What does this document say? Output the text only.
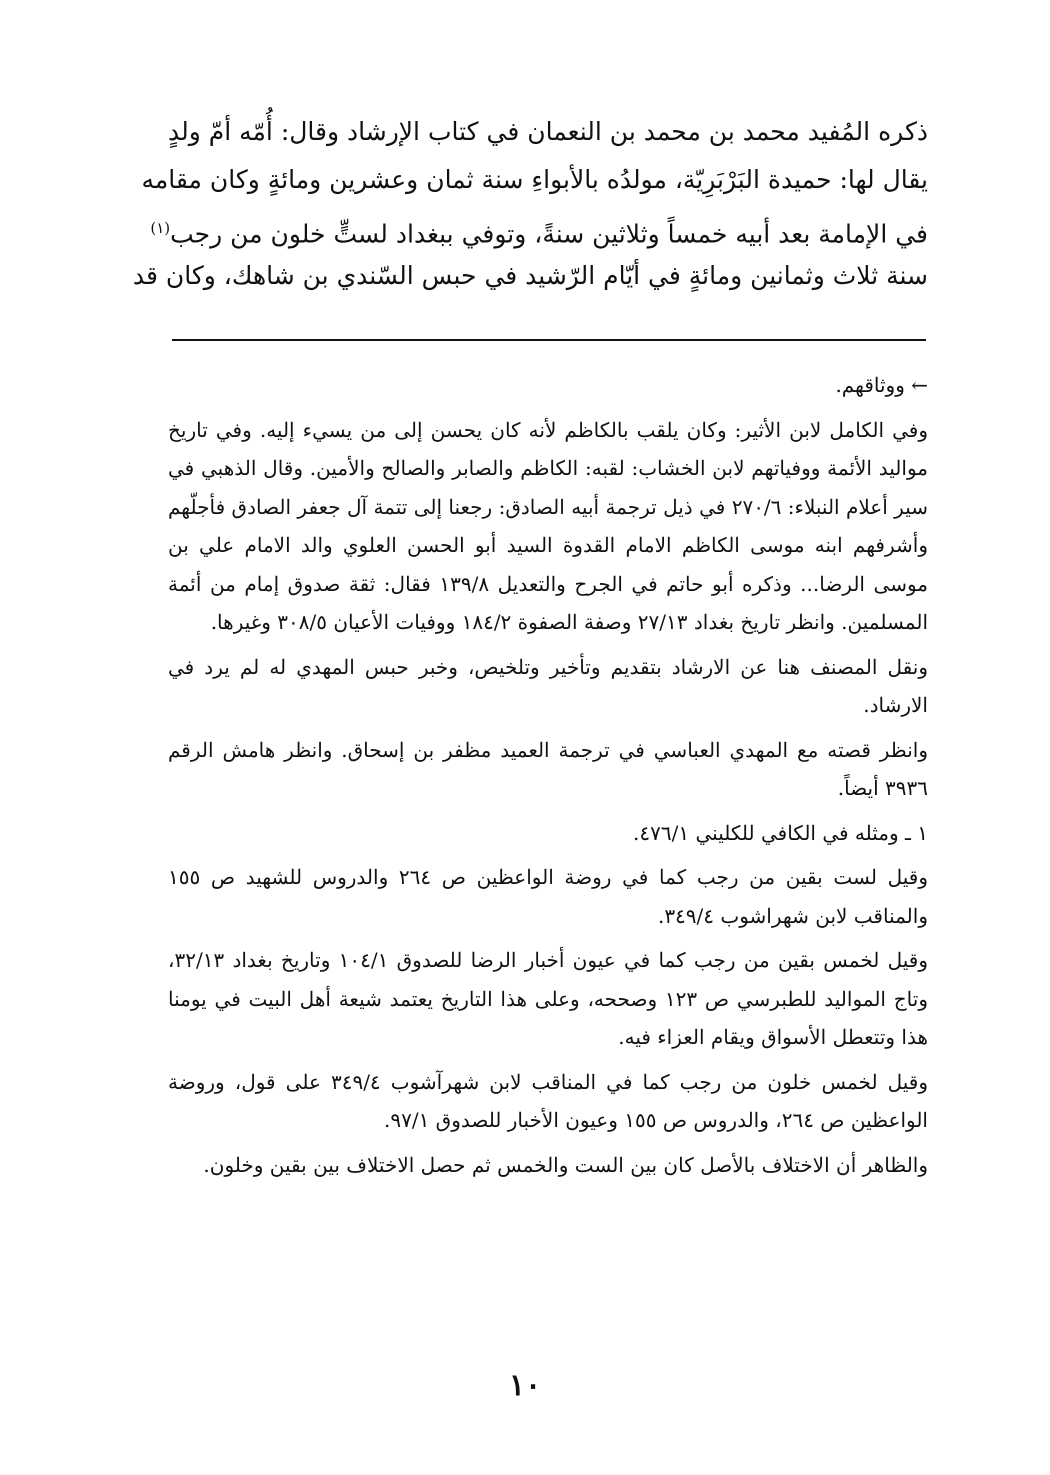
ذكره المُفيد محمد بن محمد بن النعمان في كتاب الإرشاد وقال: أُمّه أمّ ولدٍ
يقال لها: حميدة البَرْبَرِيّة، مولدُه بالأبواءِ سنة ثمان وعشرين ومائةٍ وكان مقامه
في الإمامة بعد أبيه خمساً وثلاثين سنةً، وتوفي ببغداد لستٍّ خلون من رجب$^{(١)}$
سنة ثلاث وثمانين ومائةٍ في أيّام الرّشيد في حبس السّندي بن شاهك، وكان قد

← ووثاقهم.

وفي الكامل لابن الأثير: وكان يلقب بالكاظم لأنه كان يحسن إلى من يسيء إليه. وفي تاريخ مواليد الأئمة ووفياتهم لابن الخشاب: لقبه: الكاظم والصابر والصالح والأمين. وقال الذهبي في سير أعلام النبلاء: ٢٧٠/٦ في ذيل ترجمة أبيه الصادق: رجعنا إلى تتمة آل جعفر الصادق فأجلّهم وأشرفهم ابنه موسى الكاظم الامام القدوة السيد أبو الحسن العلوي والد الامام علي بن موسى الرضا... وذكره أبو حاتم في الجرح والتعديل ١٣٩/٨ فقال: ثقة صدوق إمام من أئمة المسلمين. وانظر تاريخ بغداد ٢٧/١٣ وصفة الصفوة ١٨٤/٢ ووفيات الأعيان ٣٠٨/٥ وغيرها.

ونقل المصنف هنا عن الارشاد بتقديم وتأخير وتلخيص، وخبر حبس المهدي له لم يرد في الارشاد.

وانظر قصته مع المهدي العباسي في ترجمة العميد مظفر بن إسحاق. وانظر هامش الرقم ٣٩٣٦ أيضاً.

١ ـ ومثله في الكافي للكليني ٤٧٦/١.

وقيل لست بقين من رجب كما في روضة الواعظين ص ٢٦٤ والدروس للشهيد ص ١٥٥ والمناقب لابن شهراشوب ٣٤٩/٤.

وقيل لخمس بقين من رجب كما في عيون أخبار الرضا للصدوق ١٠٤/١ وتاريخ بغداد ٣٢/١٣، وتاج المواليد للطبرسي ص ١٢٣ وصححه، وعلى هذا التاريخ يعتمد شيعة أهل البيت في يومنا هذا وتتعطل الأسواق ويقام العزاء فيه.

وقيل لخمس خلون من رجب كما في المناقب لابن شهرآشوب ٣٤٩/٤ على قول، وروضة الواعظين ص ٢٦٤، والدروس ص ١٥٥ وعيون الأخبار للصدوق ٩٧/١.

والظاهر أن الاختلاف بالأصل كان بين الست والخمس ثم حصل الاختلاف بين بقين وخلون.

١٠
